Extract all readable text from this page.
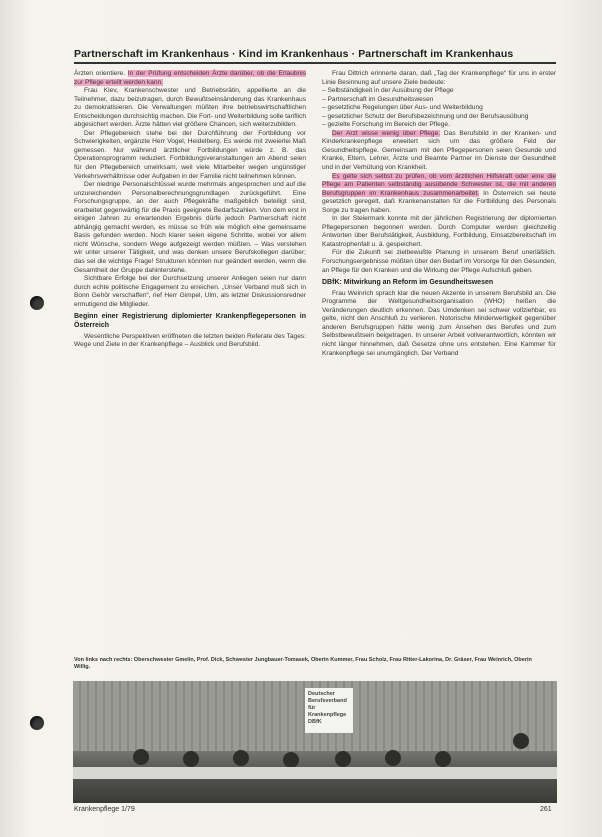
Partnerschaft im Krankenhaus · Kind im Krankenhaus · Partnerschaft im Krankenhaus

Ärzten orientiere. In der Prüfung entscheiden Ärzte darüber, ob die Erlaubnis zur Pflege erteilt werden kann.

Frau Klev, Krankenschwester und Betriebsrätin, appellierte an die Teilnehmer, dazu beizutragen, durch Bewußtseinsänderung das Krankenhaus zu demokratisieren. Die Verwaltungen müßten ihre betriebswirtschaftlichen Entscheidungen durchsichtig machen. Die Fort- und Weiterbildung solle tariflich abgesichert werden. Ärzte hätten viel größere Chancen, sich weiterzubilden.

Der Pflegebereich stehe bei der Durchführung der Fortbildung vor Schwierigkeiten, ergänzte Herr Vogel, Heidelberg. Es werde mit zweierlei Maß gemessen. Nur während ärztlicher Fortbildungen würde z. B. das Operationsprogramm reduziert. Fortbildungsveranstaltungen am Abend seien für den Pflegebereich unwirksam, weil viele Mitarbeiter wegen ungünstiger Verkehrsverhältnisse oder Aufgaben in der Familie nicht teilnehmen können.

Der niedrige Personalschlüssel wurde mehrmals angesprochen und auf die unzureichenden Personalberechnungsgrundlagen zurückgeführt. Eine Forschungsgruppe, an der auch Pflegekräfte maßgeblich beteiligt sind, erarbeitet gegenwärtig für die Praxis geeignete Bedarfszahlen. Von dem erst in einigen Jahren zu erwartenden Ergebnis dürfe jedoch Partnerschaft nicht abhängig gemacht werden, es müsse so früh wie möglich eine gemeinsame Basis gefunden werden. Noch klarer seien eigene Schritte, wobei vor allem nicht Wünsche, sondern Wege aufgezeigt werden müßten. – Was verstehen wir unter unserer Tätigkeit, und was denken unsere Berufskollegen darüber; das sei die wichtige Frage! Strukturen könnten nur geändert werden, wenn die Gesamtheit der Gruppe dahinterstehe.

Sichtbare Erfolge bei der Durchsetzung unserer Anliegen seien nur dann durch echte politische Engagement zu erreichen. „Unser Verband muß sich in Bonn Gehör verschaffen“, rief Herr Gimpel, Ulm, als letzter Diskussionsredner ermutigend die Mitglieder.

Beginn einer Registrierung diplomierter Krankenpflegepersonen in Österreich

Wesentliche Perspektiven eröffneten die letzten beiden Referate des Tages: Wege und Ziele in der Krankenpflege – Ausblick und Berufsbild.

Frau Dittrich erinnerte daran, daß „Tag der Krankenpflege“ für uns in erster Linie Besinnung auf unsere Ziele bedeute:

– Selbständigkeit in der Ausübung der Pflege
– Partnerschaft im Gesundheitswesen
– gesetzliche Regelungen über Aus- und Weiterbildung
– gesetzlicher Schutz der Berufsbezeichnung und der Berufsausübung
– gezielte Forschung im Bereich der Pflege.

Der Arzt wisse wenig über Pflege. Das Berufsbild in der Kranken- und Kinderkrankenpflege erweitert sich um das größere Feld der Gesundheitspflege. Gemeinsam mit den Pflegepersonen seien Gesunde und Kranke, Eltern, Lehrer, Ärzte und Beamte Partner im Dienste der Gesundheit und in der Verhütung von Krankheit.

Es gelte sich selbst zu prüfen, ob vom ärztlichen Hilfskraft oder eine die Pflege am Patienten selbständig ausübende Schwester ist, die mit anderen Berufsgruppen im Krankenhaus zusammenarbeitet. In Österreich sei heute gesetzlich geregelt, daß Krankenanstalten für die Fortbildung des Personals Sorge zu tragen haben.

In der Steiermark konnte mit der jährlichen Registrierung der diplomierten Pflegepersonen begonnen werden. Durch Computer werden gleichzeitig Antworten über Berufstätigkeit, Ausbildung, Fortbildung, Einsatzbereitschaft im Katastrophenfall u. ä. gespeichert.

Für die Zukunft sei zielbewußte Planung in unserem Beruf unerläßlich. Forschungsergebnisse müßten über den Bedarf im Vorsorge für den Gesunden, an Pflege für den Kranken und die Wirkung der Pflege Aufschluß geben.

DBfK: Mitwirkung an Reform im Gesundheitswesen

Frau Weinrich sprach klar die neuen Akzente in unserem Berufsbild an. Die Programme der Weltgesundheitsorganisation (WHO) heißen die Veränderungen deutlich erkennen. Das Umdenken sei schwer vollziehbar, es gelte, nicht den Anschluß zu verlieren. Notorische Minderwertigkeit gegenüber anderen Berufsgruppen hätte wenig zum Ansehen des Berufes und zum Selbstbewußtsein beigetragen. In unserer Arbeit vollverantwortlich, könnten wir nicht länger hinnehmen, daß Gesetze ohne uns entstehen. Eine Kammer für Krankenpflege sei unumgänglich. Der Verband

Von links nach rechts: Oberschwester Gmelin, Prof. Dick, Schwester Jungbauer-Tomasek, Oberin Kummer, Frau Scholz, Frau Ritter-Lakorina, Dr. Gräser, Frau Weinrich, Oberin Willig.
Deutscher Berufsverband für Krankenpflege DBfK
Krankenpflege 1/79	261
